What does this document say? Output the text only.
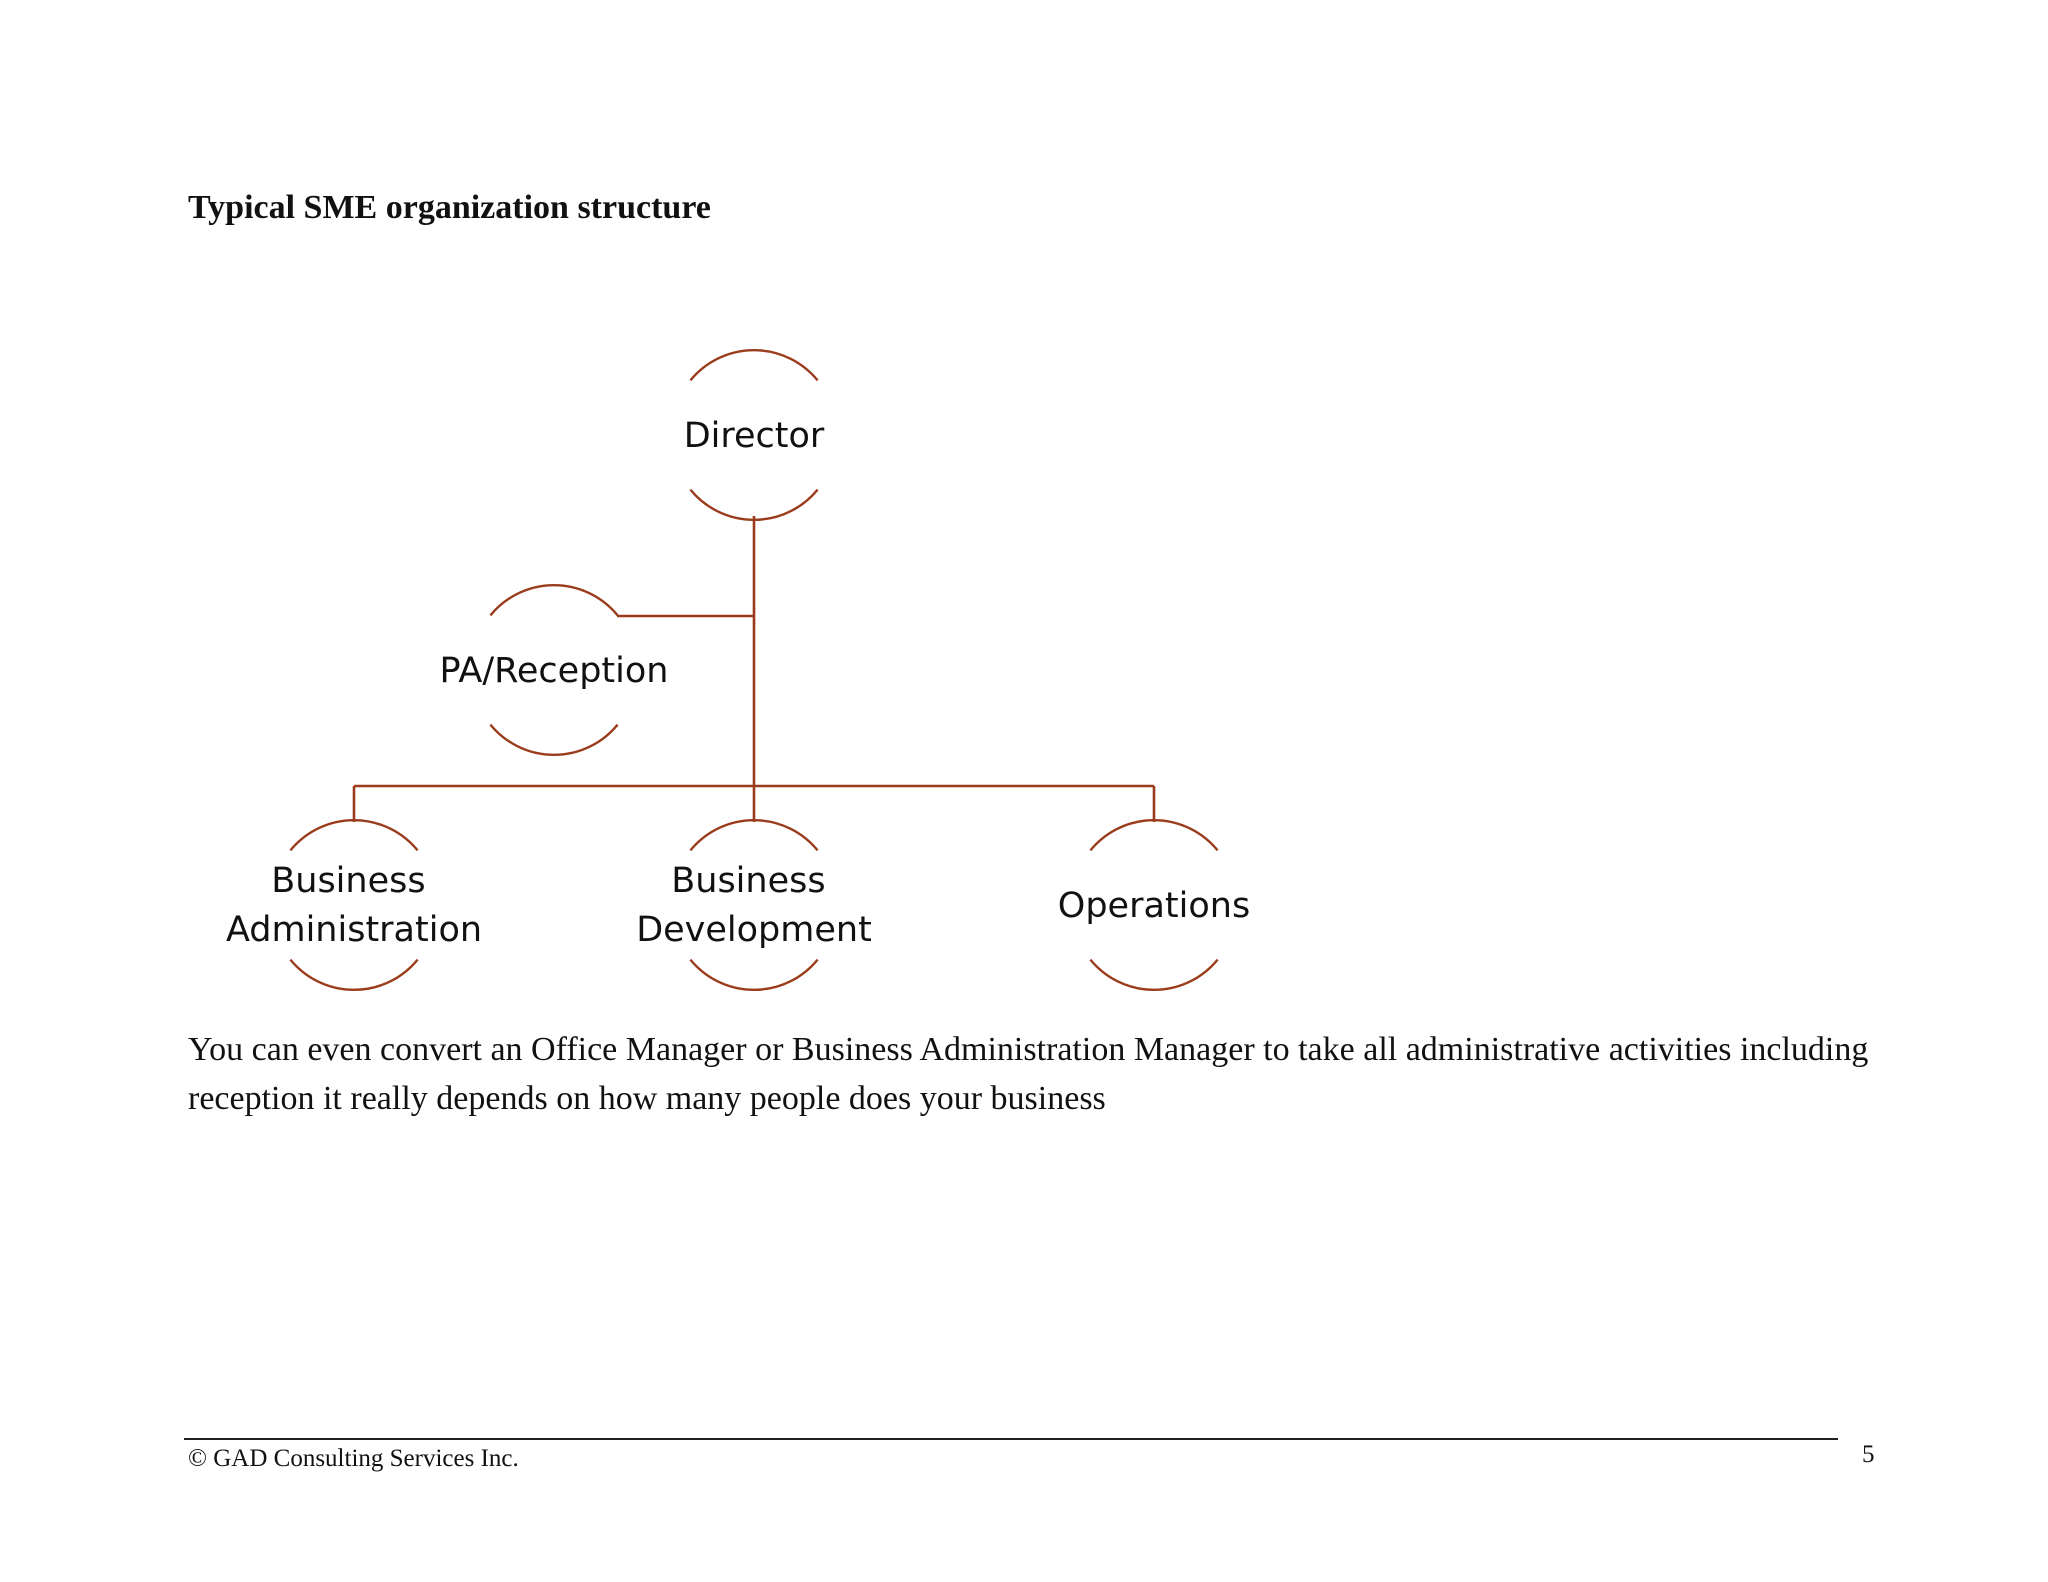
Typical SME organization structure
Director
PA/Reception
Business Administration
Business Development
Operations

You can even convert an Office Manager or Business Administration Manager to take all administrative activities including reception it really depends on how many people does your business

© GAD Consulting Services Inc.	5
